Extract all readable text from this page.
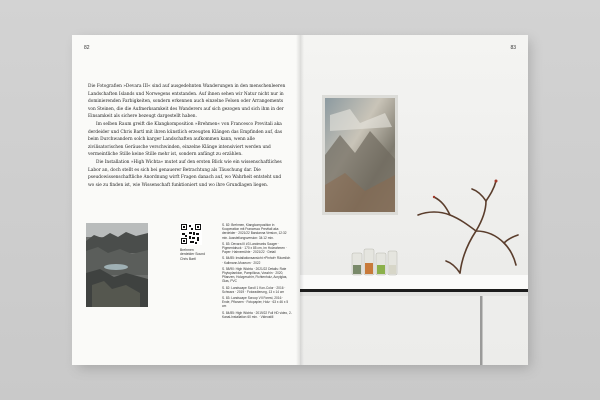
82

Die Fotografien »Devara III« sind auf ausgedehnten Wanderungen in den menschenleeren Landschaften Islands und Norwegens entstanden. Auf ihnen sehen wir Natur nicht nur in dominierenden Farbigkeiten, sondern erkennen auch einzelne Felsen oder Arrangements von Steinen, die die Aufmerksamkeit des Wanderers auf sich gezogen und sich ihm in der Einsamkeit als sichere bezeugt dargestellt haben.

Im selben Raum greift die Klangkomposition »Brehmen« von Francesco Previtali aka derdeider und Chris Bartl mit ihren künstlich erzeugten Klängen das Empfinden auf, das beim Durchwandern solch karger Landschaften aufkommen kann, wenn alle zivilisatorischen Geräusche verschwinden, einzelne Klänge intensiviert werden und vermeintliche Stille keine Stille mehr ist, sondern anfängt zu erzählen.

Die Installation »High Wichta« mutet auf den ersten Blick wie ein wissenschaftliches Labor an, doch stellt es sich bei genauerer Betrachtung als Täuschung dar. Die pseudowissenschaftliche Anordnung wirft Fragen danach auf, wo Wahrheit entsteht und wo sie zu finden ist, wie Wissenschaft funktioniert und wo ihre Grundlagen liegen.

Brehmen derdeider Sound Chris Bartl
S. 82: Brehmen, Klangkomposition in Kooperation mit Francesco Previtali aka derdeider · 2021/22 Bandanna Version, 12:32 min. Ausstellungsversion: 34:12 min.
S. 83: Devara III #3 Landmarks Sauger · Pigmentdruck · 170 x 85 cm, im Holzrahmen · Paper: Hahnemühle · 2021/22 · Detail
S. 84/85: Installationsansicht »Pinhof« Räumlich · Kallmann-Museum · 2022
S. 58/90: High Wichta · 2021/22 Details: Rote Phytoplankton, Pampillosa, Vosshin · 2020, Pflanzen, Holzgeschirr, Fichtenholz, Acrylglas, Glas, PVC
S. 82: Landscape Scroll 1 Kon-Color · 2016 · Schwarz · 2019 · Fotoradierung, 13 x 14 cm
S. 83: Landscape Scroop VII Forest, 2016 · Ende, Pflanzen · Fotopapier, Holz · 63 x 46 x 5 cm
S. 84/85: High Wichta · 2019/22 Full HD video, 2-Kanal-Installation 60 min. · Videostill
83
